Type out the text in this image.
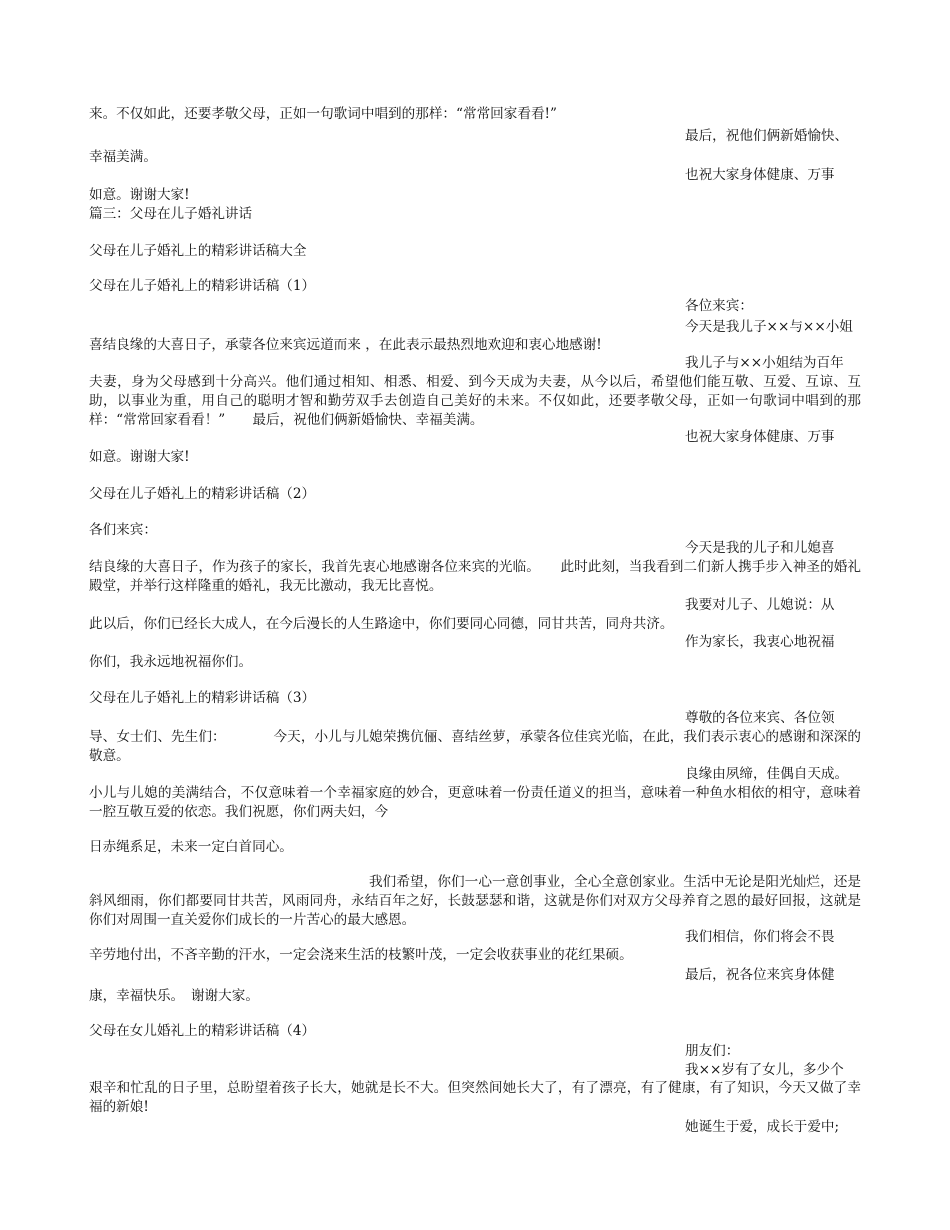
来。不仅如此，还要孝敬父母，正如一句歌词中唱到的那样：“常常回家看看!”
最后，祝他们俩新婚愉快、
幸福美满。
也祝大家身体健康、万事
如意。谢谢大家!
篇三：父母在儿子婚礼讲话
父母在儿子婚礼上的精彩讲话稿大全
父母在儿子婚礼上的精彩讲话稿（1）
各位来宾：
今天是我儿子××与××小姐
喜结良缘的大喜日子，承蒙各位来宾远道而来 ，在此表示最热烈地欢迎和衷心地感谢!
我儿子与××小姐结为百年
夫妻，身为父母感到十分高兴。他们通过相知、相悉、相爱、到今天成为夫妻，从今以后，希望他们能互敬、互爱、互谅、互助，以事业为重，用自己的聪明才智和勤劳双手去创造自己美好的未来。不仅如此，还要孝敬父母，正如一句歌词中唱到的那样：“常常回家看看！”　　最后，祝他们俩新婚愉快、幸福美满。
也祝大家身体健康、万事
如意。谢谢大家!
父母在儿子婚礼上的精彩讲话稿（2）
各们来宾：
今天是我的儿子和儿媳喜
结良缘的大喜日子，作为孩子的家长，我首先衷心地感谢各位来宾的光临。　　此时此刻，当我看到二们新人携手步入神圣的婚礼殿堂，并举行这样隆重的婚礼，我无比激动，我无比喜悦。
我要对儿子、儿媳说：从
此以后，你们已经长大成人，在今后漫长的人生路途中，你们要同心同德，同甘共苦，同舟共济。
作为家长，我衷心地祝福
你们，我永远地祝福你们。
父母在儿子婚礼上的精彩讲话稿（3）
尊敬的各位来宾、各位领
导、女士们、先生们：　　　　今天，小儿与儿媳荣携伉俪、喜结丝萝，承蒙各位佳宾光临，在此，我们表示衷心的感谢和深深的敬意。
良缘由夙缔，佳偶自天成。
小儿与儿媳的美满结合，不仅意味着一个幸福家庭的妙合，更意味着一份责任道义的担当，意味着一种鱼水相依的相守，意味着一腔互敬互爱的依恋。我们祝愿，你们两夫妇，今
日赤绳系足，未来一定白首同心。
我们希望，你们一心一意创事业，全心全意创家业。生活中无论是阳光灿烂，还是斜风细雨，你们都要同甘共苦，风雨同舟，永结百年之好，长鼓瑟瑟和谐，这就是你们对双方父母养育之恩的最好回报，这就是你们对周围一直关爱你们成长的一片苦心的最大感恩。
我们相信，你们将会不畏
辛劳地付出，不吝辛勤的汗水，一定会浇来生活的枝繁叶茂，一定会收获事业的花红果硕。
最后，祝各位来宾身体健
康，幸福快乐。　谢谢大家。
父母在女儿婚礼上的精彩讲话稿（4）
朋友们：
我××岁有了女儿，多少个
艰辛和忙乱的日子里，总盼望着孩子长大，她就是长不大。但突然间她长大了，有了漂亮，有了健康，有了知识，今天又做了幸福的新娘!
她诞生于爱，成长于爱中;
